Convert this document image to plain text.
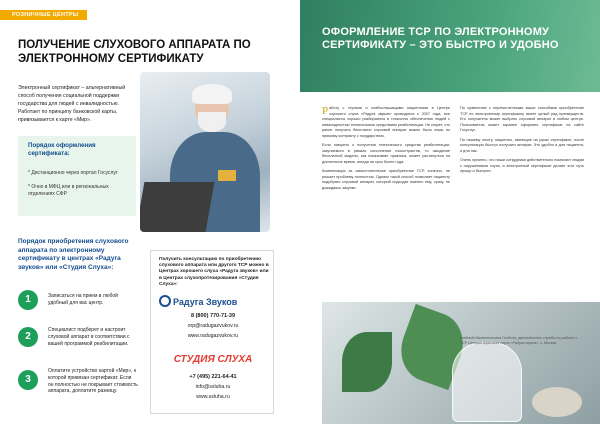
РОЗНИЧНЫЕ ЦЕНТРЫ
ПОЛУЧЕНИЕ СЛУХОВОГО АППАРАТА ПО ЭЛЕКТРОННОМУ СЕРТИФИКАТУ
Электронный сертификат – альтернативный способ получения социальной поддержки государства для людей с инвалидностью. Работает по принципу банковской карты, привязывается к карте «Мир».
Порядок оформления сертификата:
* Дистанционно через портал Госуслуг
* Очно в МФЦ или в региональных отделениях СФР
Порядок приобретения слухового аппарата по электронному сертификату в центрах «Радуга звуков» или «Студия Слуха»:
1	Записаться на прием в любой удобный для вас центр.
2
Специалист подберет и настроит слуховой аппарат в соответствии с вашей программой реабилитации.
3
Оплатите устройство картой «Мир», к которой привязан сертификат. Если он полностью не покрывает стоимость аппарата, доплатите разницу.
Получить консультацию по приобретению слухового аппарата или другого ТСР можно в Центрах хорошего слуха «Радуга звуков» или в Центрах слухопротезирования «Студия Слуха»:
Радуга Звуков
8 (800) 770-71-39
orp@radugazvukov.ru
www.radugazvukov.ru
СТУДИЯ СЛУХА
+7 (495) 221-64-41
info@ssluha.ru
www.ssluha.ru
ОФОРМЛЕНИЕ ТСР ПО ЭЛЕКТРОННОМУ СЕРТИФИКАТУ – ЭТО БЫСТРО И УДОБНО

Работу с глухими и слабослышащими пациентами в Центре хорошего слуха «Радуга звуков» проводится с 2007 года, все специалисты хорошо разбираются в тонкостях обеспечения людей с инвалидностью техническими средствами реабилитации. Не секрет, что ранее получить бесплатно слуховой аппарат можно было лишь по прямому контракту с государством.

Если говорить о получении технического средства реабилитации, закупаемого в рамках исполнения госконтрактов, то ожидание бесплатной модели, как показывает практика, может растянуться на длительное время, иногда на срок более года.

Компенсация за самостоятельное приобретение ТСР, конечно, не решает проблему полностью. Однако такой способ позволяет пациенту подобрать слуховой аппарат, который подходит именно ему, сразу, не дожидаясь закупки.

По сравнению с перечисленными выше способами приобретение ТСР по электронному сертификату имеет целый ряд преимуществ. Его получатель может выбрать слуховой аппарат в любом центре. Пользователь может заранее оформить сертификат на сайте Госуслуг.

По нашему опыту, пациенты, имеющие на руках сертификат, после консультации быстро получают аппарат. Это удобно и для пациента, и для нас.

Очень приятно, что наши сотрудники действительно помогают людям с нарушениями слуха, а электронный сертификат делает этот путь проще и быстрее.

Надежда Валентиновна Голдина, руководитель службы по работе с ТСР Центра хорошего слуха «Радуга звуков», г. Москва
